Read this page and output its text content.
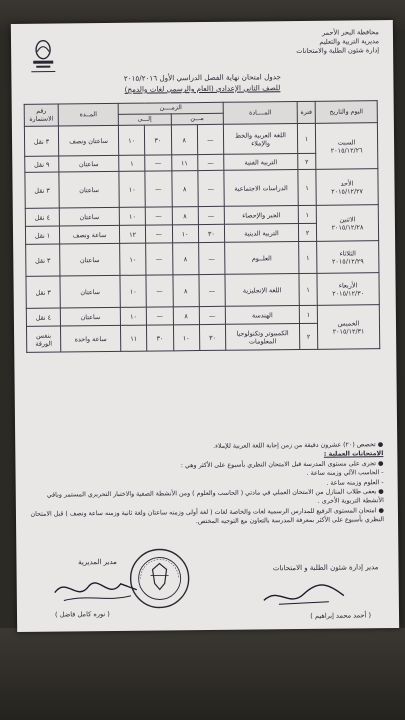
محافظة البحر الأحمر
مديرية التربية والتعليم
إدارة شئون الطلبة والامتحانات
جدول امتحان نهاية الفصل الدراسي الأول ٢٠١٥/٢٠١٦
للصف الثاني الإعدادي (العام والرسمي لغات والدمج)
اليوم والتاريخ	فترة	المــــادة	الزمــــن				المــدة	رقم الاستمارة
			مـــن		إلـــى			

السبت
٢٠١٥/١٢/٢٦	١	اللغة العربية والخط والإملاء	—	٨	٣٠	١٠	ساعتان ونصف	٣ نقل
	٢	التربية الفنية	—	١١	—	١	ساعتان	٩ نقل

الأحد
٢٠١٥/١٢/٢٧	١	الدراسات الاجتماعية	—	٨	—	١٠	ساعتان	٣ نقل

الاثنين
٢٠١٥/١٢/٢٨	١	الجبر والإحصاء	—	٨	—	١٠	ساعتان	٤ نقل
	٢	التربية الدينية	٣٠	١٠	—	١٢	ساعة ونصف	١ نقل

الثلاثاء
٢٠١٥/١٢/٢٩	١	العلــوم	—	٨	—	١٠	ساعتان	٣ نقل

الأربعاء
٢٠١٥/١٢/٣٠	١	اللغة الإنجليزية	—	٨	—	١٠	ساعتان	٣ نقل

الخميس
٢٠١٥/١٢/٣١	١	الهندسة	—	٨	—	١٠	ساعتان	٤ نقل
	٢	الكمبيوتر وتكنولوجيا المعلومات	٣٠	١٠	٣٠	١١	ساعة واحدة	بنفس الورقة
● تخصص (٢٠) عشرون دقيقة من زمن إجابة اللغة العربية للإملاء.
الامتحانات العملية :
● تجرى على مستوى المدرسة قبل الامتحان النظري بأسبوع على الأكثر وهي :
- الحاسب الآلي وزمنه ساعة .
- العلوم وزمنه ساعة .
● يعفى طلاب المنازل من الامتحان العملي في مادتي ( الحاسب والعلوم ) ومن الأنشطة الصفية والاختبار التحريري المستمر وباقي الأنشطة التربوية الأخرى .
● امتحان المستوى الرفيع للمدارس الرسمية لغات والخاصة لغات ( لغة أولى وزمنه ساعتان ولغة ثانية وزمنه ساعة ونصف ) قبل الامتحان النظري بأسبوع على الأكثر بمعرفة المدرسة بالتعاون مع التوجيه المختص.
مدير إدارة شئون الطلبة و الامتحانات
( أحمد محمد إبراهيم )
مدير المديرية
( نوره كامل فاضل )
